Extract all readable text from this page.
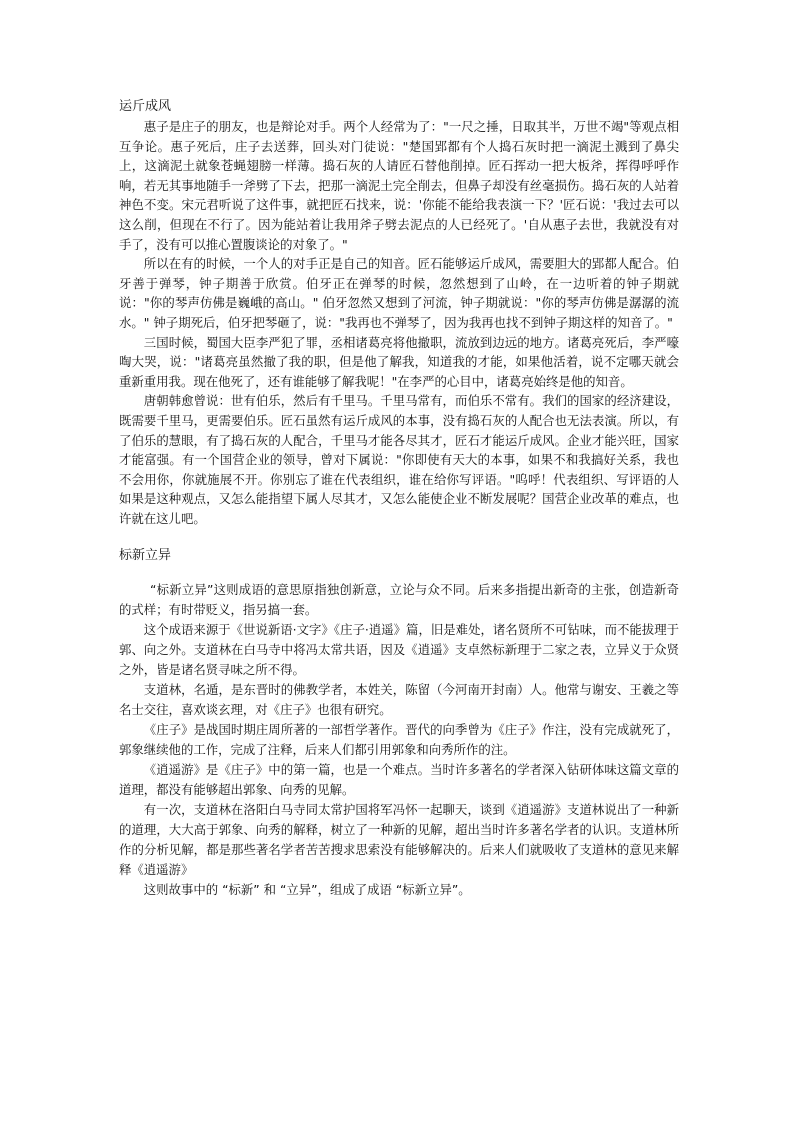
运斤成风

惠子是庄子的朋友，也是辩论对手。两个人经常为了："一尺之捶，日取其半，万世不竭"等观点相互争论。惠子死后，庄子去送葬，回头对门徒说："楚国郢都有个人捣石灰时把一滴泥土溅到了鼻尖上，这滴泥土就象苍蝇翅膀一样薄。捣石灰的人请匠石替他削掉。匠石挥动一把大板斧，挥得呼呼作响，若无其事地随手一斧劈了下去，把那一滴泥土完全削去，但鼻子却没有丝毫损伤。捣石灰的人站着神色不变。宋元君听说了这件事，就把匠石找来，说：'你能不能给我表演一下？'匠石说：'我过去可以这么削，但现在不行了。因为能站着让我用斧子劈去泥点的人已经死了。'自从惠子去世，我就没有对手了，没有可以推心置腹谈论的对象了。"

所以在有的时候，一个人的对手正是自己的知音。匠石能够运斤成风，需要胆大的郢都人配合。伯牙善于弹琴，钟子期善于欣赏。伯牙正在弹琴的时候，忽然想到了山岭，在一边听着的钟子期就说："你的琴声仿佛是巍峨的高山。" 伯牙忽然又想到了河流，钟子期就说："你的琴声仿佛是潺潺的流水。" 钟子期死后，伯牙把琴砸了，说："我再也不弹琴了，因为我再也找不到钟子期这样的知音了。"

三国时候，蜀国大臣李严犯了罪，丞相诸葛亮将他撤职，流放到边远的地方。诸葛亮死后，李严嚎啕大哭，说："诸葛亮虽然撤了我的职，但是他了解我，知道我的才能，如果他活着，说不定哪天就会重新重用我。现在他死了，还有谁能够了解我呢！"在李严的心目中，诸葛亮始终是他的知音。

唐朝韩愈曾说：世有伯乐，然后有千里马。千里马常有，而伯乐不常有。我们的国家的经济建设，既需要千里马，更需要伯乐。匠石虽然有运斤成风的本事，没有捣石灰的人配合也无法表演。所以，有了伯乐的慧眼，有了捣石灰的人配合，千里马才能各尽其才，匠石才能运斤成风。企业才能兴旺，国家才能富强。有一个国营企业的领导，曾对下属说："你即使有天大的本事，如果不和我搞好关系，我也不会用你，你就施展不开。你别忘了谁在代表组织，谁在给你写评语。"呜呼！代表组织、写评语的人如果是这种观点，又怎么能指望下属人尽其才，又怎么能使企业不断发展呢？国营企业改革的难点，也许就在这儿吧。

标新立异

“标新立异”这则成语的意思原指独创新意，立论与众不同。后来多指提出新奇的主张，创造新奇的式样；有时带贬义，指另搞一套。

这个成语来源于《世说新语·文字》《庄子·逍遥》篇，旧是难处，诸名贤所不可钻味，而不能拔理于郭、向之外。支道林在白马寺中将冯太常共语，因及《逍遥》支卓然标新理于二家之表，立异义于众贤之外，皆是诸名贤寻味之所不得。

支道林，名遁，是东晋时的佛教学者，本姓关，陈留（今河南开封南）人。他常与谢安、王羲之等名士交往，喜欢谈玄理，对《庄子》也很有研究。

《庄子》是战国时期庄周所著的一部哲学著作。晋代的向季曾为《庄子》作注，没有完成就死了，郭象继续他的工作，完成了注释，后来人们都引用郭象和向秀所作的注。

《逍遥游》是《庄子》中的第一篇，也是一个难点。当时许多著名的学者深入钻研体味这篇文章的道理，都没有能够超出郭象、向秀的见解。

有一次，支道林在洛阳白马寺同太常护国将军冯怀一起聊天，谈到《逍遥游》支道林说出了一种新的道理，大大高于郭象、向秀的解释，树立了一种新的见解，超出当时许多著名学者的认识。支道林所作的分析见解，都是那些著名学者苦苦搜求思索没有能够解决的。后来人们就吸收了支道林的意见来解释《逍遥游》

这则故事中的 “标新” 和 “立异”，组成了成语 “标新立异”。
